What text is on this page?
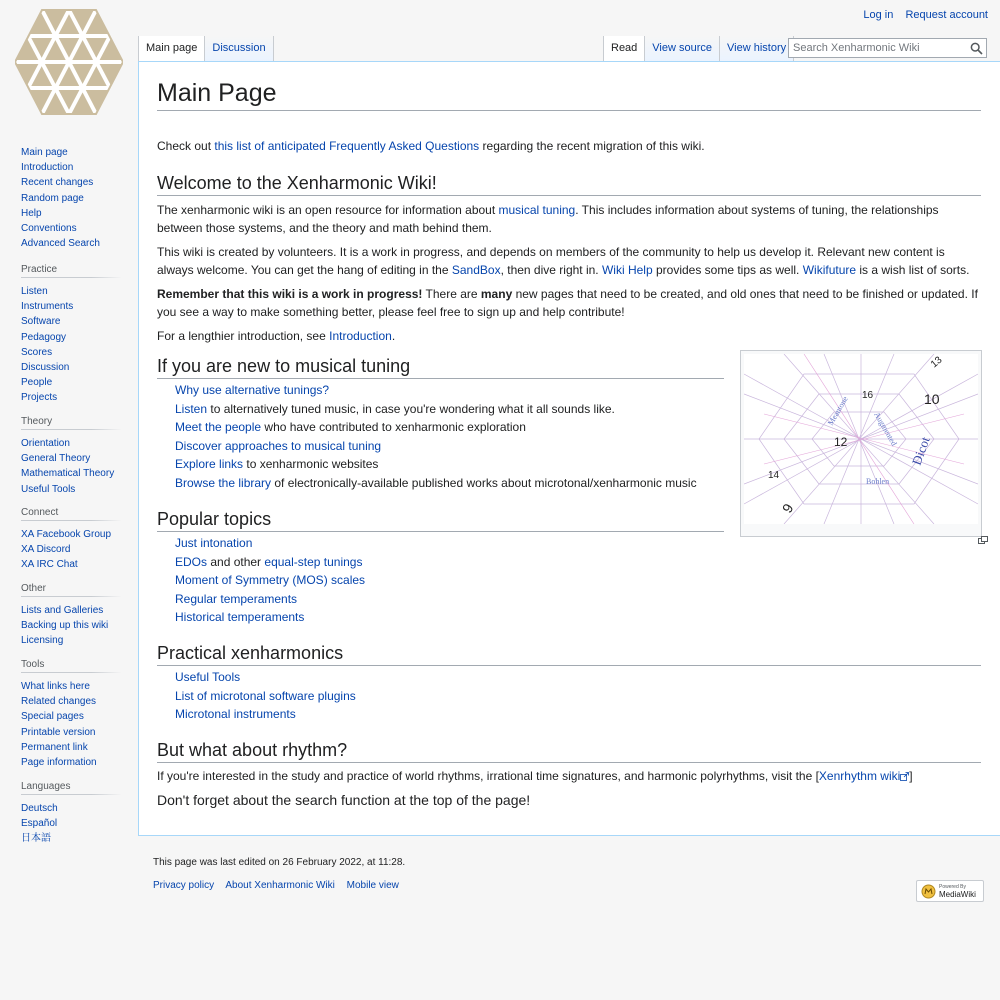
Log in Request account
Main page	Discussion	Read	View source	View history
Search Xenharmonic Wiki
Main Page

Check out this list of anticipated Frequently Asked Questions regarding the recent migration of this wiki.

Welcome to the Xenharmonic Wiki!

The xenharmonic wiki is an open resource for information about musical tuning. This includes information about systems of tuning, the relationships between those systems, and the theory and math behind them.

This wiki is created by volunteers. It is a work in progress, and depends on members of the community to help us develop it. Relevant new content is always welcome. You can get the hang of editing in the SandBox, then dive right in. Wiki Help provides some tips as well. Wikifuture is a wish list of sorts.

Remember that this wiki is a work in progress! There are many new pages that need to be created, and old ones that need to be finished or updated. If you see a way to make something better, please feel free to sign up and help contribute!

For a lengthier introduction, see Introduction.

Meantone	Augmented
Bohlen
10
12
13
14
16
9
Dicot
If you are new to musical tuning
Why use alternative tunings?
Listen to alternatively tuned music, in case you're wondering what it all sounds like.
Meet the people who have contributed to xenharmonic exploration
Discover approaches to musical tuning
Explore links to xenharmonic websites
Browse the library of electronically-available published works about microtonal/xenharmonic music
Popular topics
Just intonation
EDOs and other equal-step tunings
Moment of Symmetry (MOS) scales
Regular temperaments
Historical temperaments
Practical xenharmonics
Useful Tools
List of microtonal software plugins
Microtonal instruments
But what about rhythm?

If you're interested in the study and practice of world rhythms, irrational time signatures, and harmonic polyrhythms, visit the [Xenrhythm wiki ]

Don't forget about the search function at the top of the page!

Main page
Introduction
Recent changes
Random page
Help
Conventions
Advanced Search
Practice
Listen
Instruments
Software
Pedagogy
Scores
Discussion
People
Projects
Theory
Orientation
General Theory
Mathematical Theory
Useful Tools
Connect
XA Facebook Group
XA Discord
XA IRC Chat
Other
Lists and Galleries
Backing up this wiki
Licensing
Tools
What links here
Related changes
Special pages
Printable version
Permanent link
Page information
Languages
Deutsch
Español
日本語
This page was last edited on 26 February 2022, at 11:28.
Privacy policy About Xenharmonic Wiki Mobile view	Powered By
MediaWiki
